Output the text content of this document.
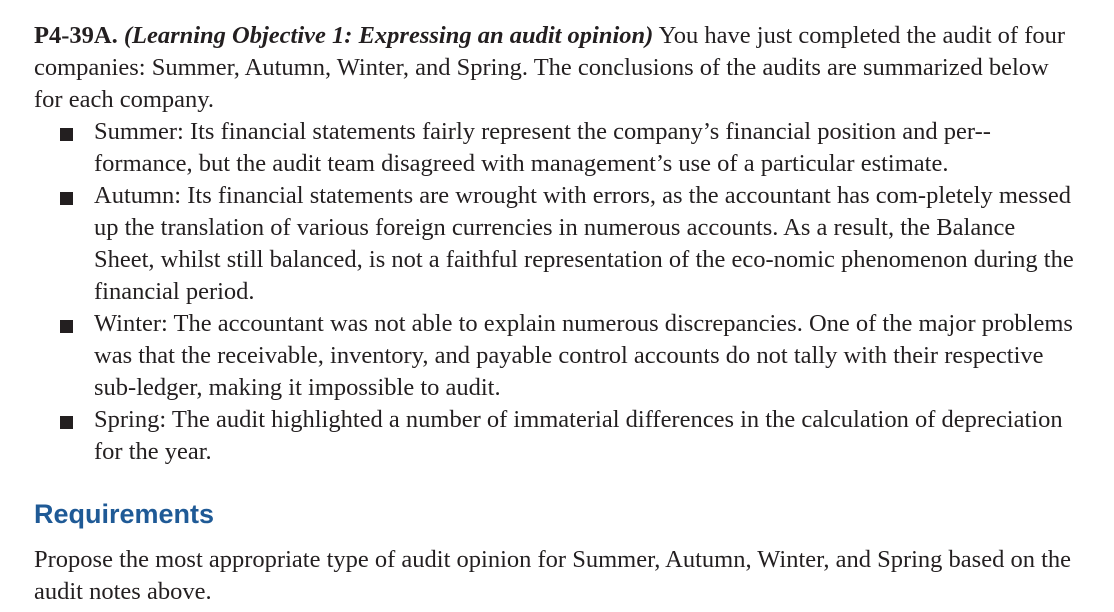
P4-39A. (Learning Objective 1: Expressing an audit opinion) You have just completed the audit of four companies: Summer, Autumn, Winter, and Spring. The conclusions of the audits are summarized below for each company.

Summer: Its financial statements fairly represent the company’s financial position and per-formance, but the audit team disagreed with management’s use of a particular estimate.
Autumn: Its financial statements are wrought with errors, as the accountant has com-pletely messed up the translation of various foreign currencies in numerous accounts. As a result, the Balance Sheet, whilst still balanced, is not a faithful representation of the eco-nomic phenomenon during the financial period.
Winter: The accountant was not able to explain numerous discrepancies. One of the major problems was that the receivable, inventory, and payable control accounts do not tally with their respective sub-ledger, making it impossible to audit.
Spring: The audit highlighted a number of immaterial differences in the calculation of depreciation for the year.
Requirements

Propose the most appropriate type of audit opinion for Summer, Autumn, Winter, and Spring based on the audit notes above.
